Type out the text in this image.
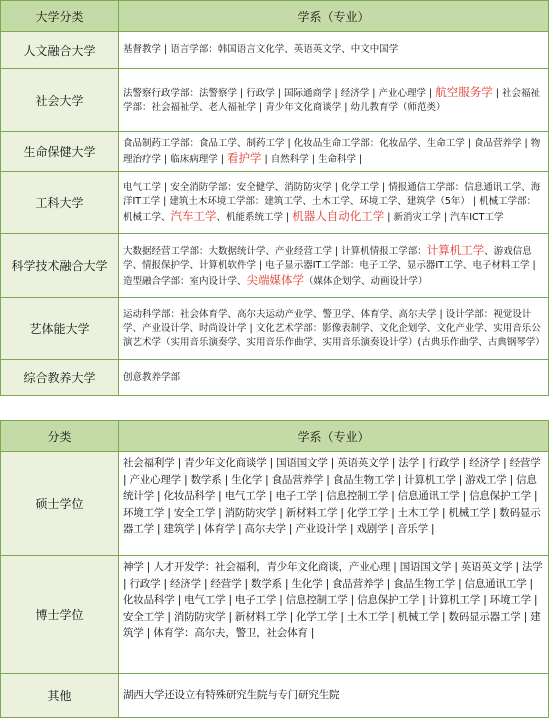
大学分类	学系（专业）
人文融合大学	基督教学 | 语言学部：韩国语言文化学、英语英文学、中文中国学
社会大学	法警察行政学部：法警察学 | 行政学 | 国际通商学 | 经济学 | 产业心理学 | 航空服务学 | 社会福祉学部：社会福祉学、老人福祉学 | 青少年文化商谈学 | 幼儿教育学（师范类）
生命保健大学	食品制药工学部：食品工学、制药工学 | 化妆品生命工学部：化妆品学、生命工学 | 食品营养学 | 物理治疗学 | 临床病理学 | 看护学 | 自然科学 | 生命科学 |
工科大学	电气工学 | 安全消防学部：安全健学、消防防灾学 | 化学工学 | 情报通信工学部：信息通讯工学、海洋IT工学 | 建筑土木环境工学部：建筑工学、土木工学、环境工学、建筑学（5年） | 机械工学部：机械工学、汽车工学、机能系统工学 | 机器人自动化工学 | 新消灾工学 | 汽车ICT工学
科学技术融合大学	大数据经营工学部：大数据统计学、产业经营工学 | 计算机情报工学部：计算机工学、游戏信息学、情报保护学、计算机软件学 | 电子显示器IT工学部：电子工学、显示器IT工学、电子材料工学 | 造型融合学部：室内设计学、尖端媒体学（媒体企划学、动画设计学）
艺体能大学	运动科学部：社会体育学、高尔夫运动产业学、警卫学、体育学、高尔夫学 | 设计学部：视觉设计学、产业设计学、时尚设计学 | 文化艺术学部：影像表制学、文化企划学、文化产业学、实用音乐公演艺术学（实用音乐演奏学、实用音乐作曲学、实用音乐演奏设计学）(古典乐作曲学、古典钢琴学）
综合教养大学	创意教养学部
分类	学系（专业）
硕士学位	社会福利学 | 青少年文化商谈学 | 国语国文学 | 英语英文学 | 法学 | 行政学 | 经济学 | 经营学 | 产业心理学 | 数学系 | 生化学 | 食品营养学 | 食品生物工学 | 计算机工学 | 游戏工学 | 信息统计学 | 化妆品科学 | 电气工学 | 电子工学 | 信息控制工学 | 信息通讯工学 | 信息保护工学 | 环境工学 | 安全工学 | 消防防灾学 | 新材料工学 | 化学工学 | 土木工学 | 机械工学 | 数码显示器工学 | 建筑学 | 体育学 | 高尔夫学 | 产业设计学 | 戏剧学 | 音乐学 |
博士学位	神学 | 人才开发学：社会福利，青少年文化商谈，产业心理 | 国语国文学 | 英语英文学 | 法学 | 行政学 | 经济学 | 经营学 | 数学系 | 生化学 | 食品营养学 | 食品生物工学 | 信息通讯工学 | 化妆品科学 | 电气工学 | 电子工学 | 信息控制工学 | 信息保护工学 | 计算机工学 | 环境工学 | 安全工学 | 消防防灾学 | 新材料工学 | 化学工学 | 土木工学 | 机械工学 | 数码显示器工学 | 建筑学 | 体育学：高尔夫，警卫，社会体育 |
其他	湖西大学还设立有特殊研究生院与专门研究生院
